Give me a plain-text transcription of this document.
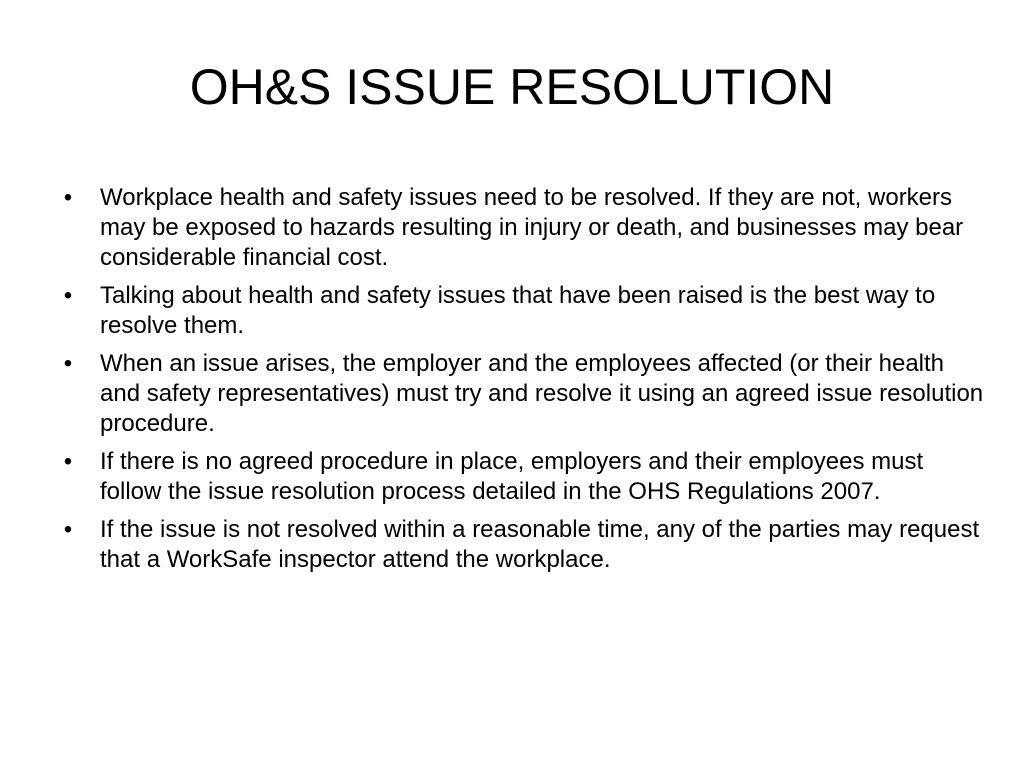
OH&S ISSUE RESOLUTION
• Workplace health and safety issues need to be resolved. If they are not, workers may be exposed to hazards resulting in injury or death, and businesses may bear considerable financial cost.
• Talking about health and safety issues that have been raised is the best way to resolve them.
• When an issue arises, the employer and the employees affected (or their health and safety representatives) must try and resolve it using an agreed issue resolution procedure.
• If there is no agreed procedure in place, employers and their employees must follow the issue resolution process detailed in the OHS Regulations 2007.
• If the issue is not resolved within a reasonable time, any of the parties may request that a WorkSafe inspector attend the workplace.
